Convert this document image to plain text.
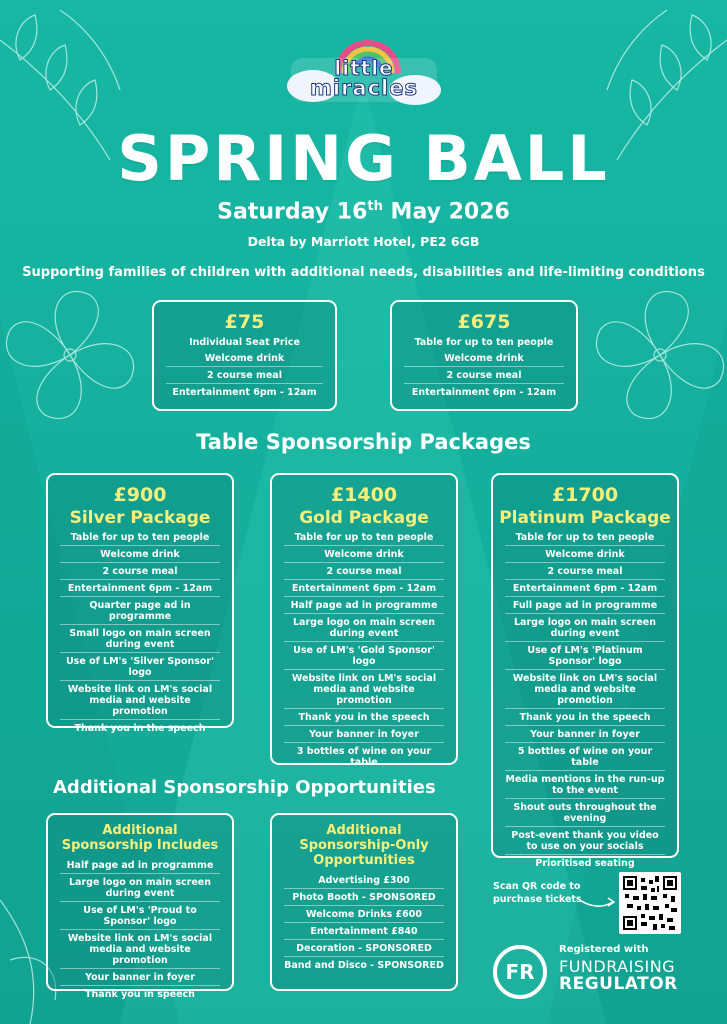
little
miracles
SPRING BALL
Saturday 16th May 2026
Delta by Marriott Hotel, PE2 6GB
Supporting families of children with additional needs, disabilities and life-limiting conditions
£75
Individual Seat Price
Welcome drink
2 course meal
Entertainment 6pm - 12am
£675
Table for up to ten people
Welcome drink
2 course meal
Entertainment 6pm - 12am
Table Sponsorship Packages
£900
Silver Package
Table for up to ten people
Welcome drink
2 course meal
Entertainment 6pm - 12am
Quarter page ad in programme
Small logo on main screen during event
Use of LM's 'Silver Sponsor' logo
Website link on LM's social media and website promotion
Thank you in the speech
£1400
Gold Package
Table for up to ten people
Welcome drink
2 course meal
Entertainment 6pm - 12am
Half page ad in programme
Large logo on main screen during event
Use of LM's 'Gold Sponsor' logo
Website link on LM's social media and website promotion
Thank you in the speech
Your banner in foyer
3 bottles of wine on your table
£1700
Platinum Package
Table for up to ten people
Welcome drink
2 course meal
Entertainment 6pm - 12am
Full page ad in programme
Large logo on main screen during event
Use of LM's 'Platinum Sponsor' logo
Website link on LM's social media and website promotion
Thank you in the speech
Your banner in foyer
5 bottles of wine on your table
Media mentions in the run-up to the event
Shout outs throughout the evening
Post-event thank you video to use on your socials
Prioritised seating
Additional Sponsorship Opportunities
Additional Sponsorship Includes
Half page ad in programme
Large logo on main screen during event
Use of LM's 'Proud to Sponsor' logo
Website link on LM's social media and website promotion
Your banner in foyer
Thank you in speech
Additional Sponsorship-Only Opportunities
Advertising £300
Photo Booth - SPONSORED
Welcome Drinks £600
Entertainment £840
Decoration - SPONSORED
Band and Disco - SPONSORED
Scan QR code to
purchase tickets
FR
Registered with
FUNDRAISING
REGULATOR
